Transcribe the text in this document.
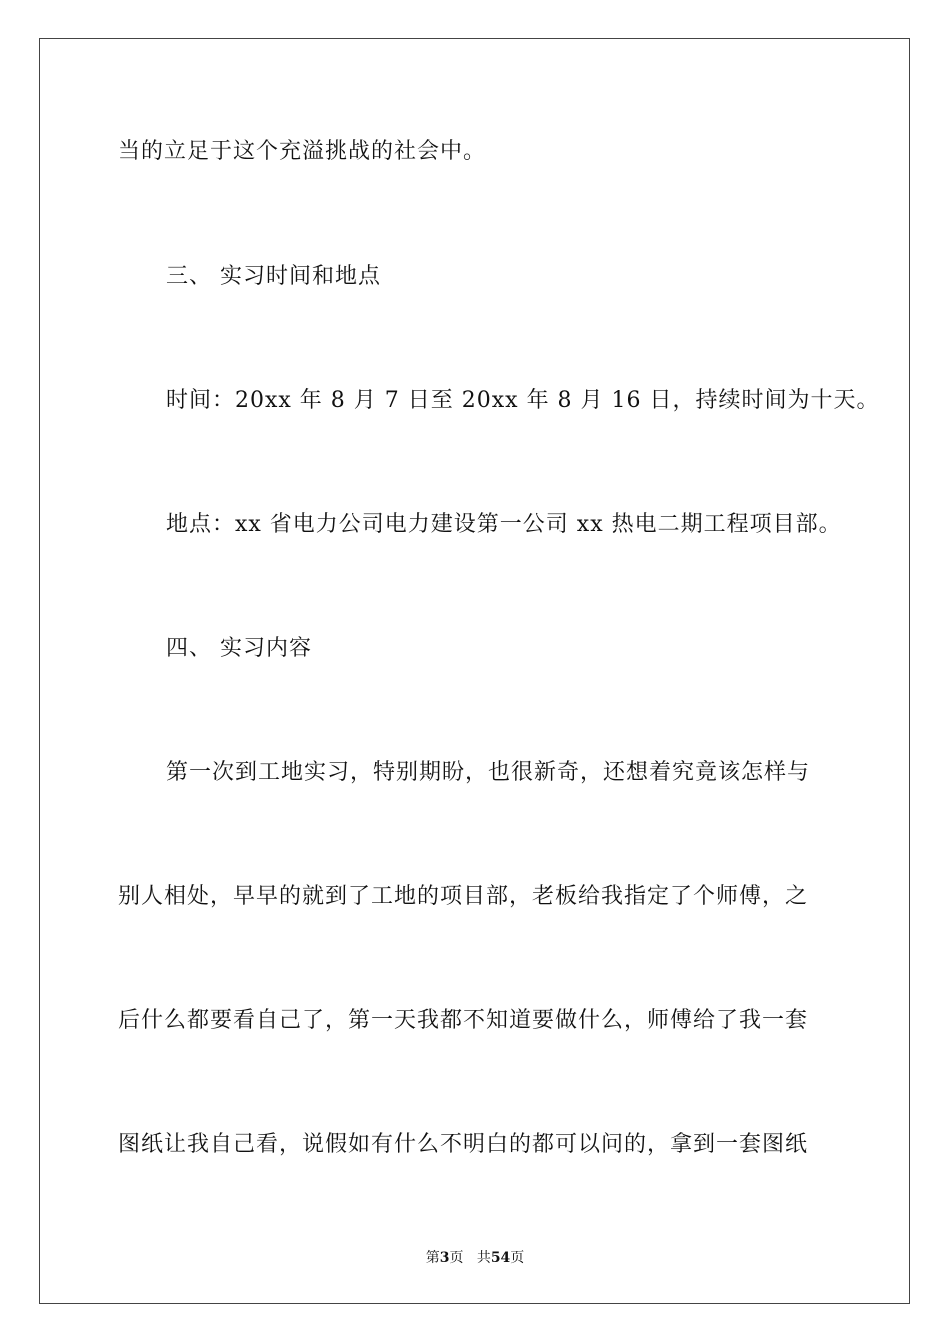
当的立足于这个充溢挑战的社会中。
三、 实习时间和地点
时间：20xx 年 8 月 7 日至 20xx 年 8 月 16 日，持续时间为十天。
地点：xx 省电力公司电力建设第一公司 xx 热电二期工程项目部。
四、 实习内容
第一次到工地实习，特别期盼，也很新奇，还想着究竟该怎样与
别人相处，早早的就到了工地的项目部，老板给我指定了个师傅，之
后什么都要看自己了，第一天我都不知道要做什么，师傅给了我一套
图纸让我自己看，说假如有什么不明白的都可以问的，拿到一套图纸
第3页 共54页
